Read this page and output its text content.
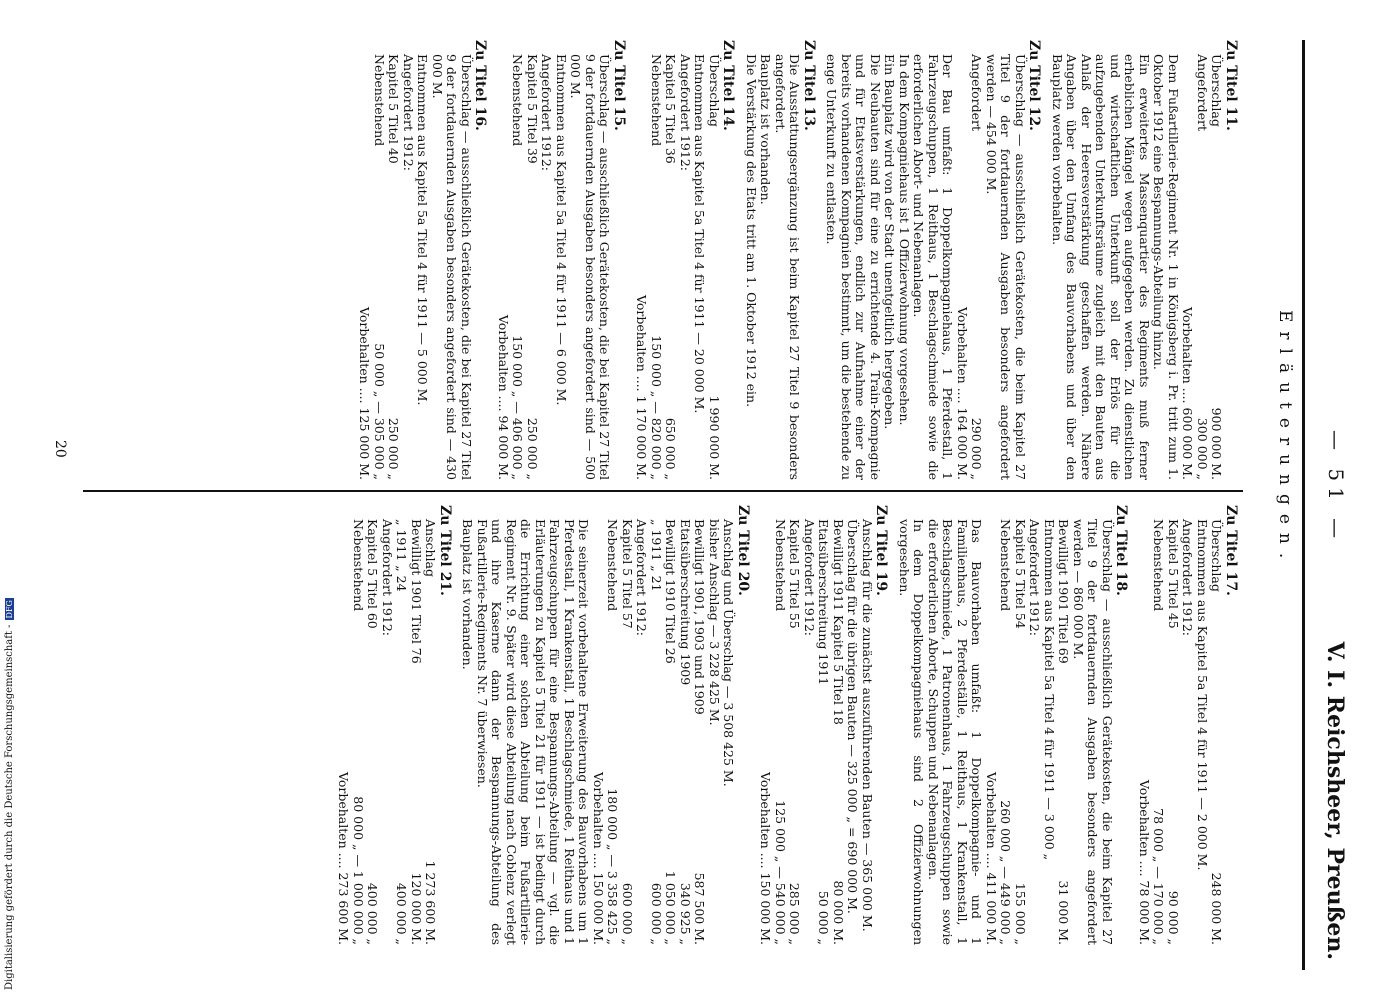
— 51 —
V. I. Reichsheer, Preußen.
Erläuterungen.
Zu Titel 11.
Überschlag
900 000 M.
Angefordert
300 000 „
Vorbehalten .... 600 000 M.
Dem Fußartillerie-Regiment Nr. 1 in Königsberg i. Pr. tritt zum 1. Oktober 1912 eine Bespannungs-Abteilung hinzu.
Ein erweitertes Massenquartier des Regiments muß ferner erheblichen Mängel wegen aufgegeben werden. Zu dienstlichen und wirtschaftlichen Unterkunft soll der Erlös für die aufzugebenden Unterkunftsräume zugleich mit den Bauten aus Anlaß der Heeresverstärkung geschaffen werden. Nähere Angaben über den Umfang des Bauvorhabens und über den Bauplatz werden vorbehalten.
Zu Titel 12.
Überschlag — ausschließlich Gerätekosten, die beim Kapitel 27 Titel 9 der fortdauernden Ausgaben besonders angefordert werden — 454 000 M.
Angefordert
290 000 „
Vorbehalten .... 164 000 M.
Der Bau umfaßt: 1 Doppelkompagniehaus, 1 Pferdestall, 1 Fahrzeugschuppen, 1 Reithaus, 1 Beschlagschmiede sowie die erforderlichen Abort- und Nebenanlagen.
In dem Kompagniehaus ist 1 Offizierwohnung vorgesehen.
Ein Bauplatz wird von der Stadt unentgeltlich hergegeben.
Die Neubauten sind für eine zu errichtende 4. Train-Kompagnie und für Etatsverstärkungen, endlich zur Aufnahme einer der bereits vorhandenen Kompagnien bestimmt, um die bestehende zu enge Unterkunft zu entlasten.
Zu Titel 13.
Die Ausstattungsergänzung ist beim Kapitel 27 Titel 9 besonders angefordert.
Bauplatz ist vorhanden.
Die Verstärkung des Etats tritt am 1. Oktober 1912 ein.
Zu Titel 14.
Überschlag
1 990 000 M.
Entnommen aus Kapitel 5a Titel 4 für 1911 — 20 000 M.
Angefordert 1912:
Kapitel 5 Titel 36
650 000 „
Nebenstehend
150 000 „ — 820 000 „
Vorbehalten .... 1 170 000 M.
Zu Titel 15.
Überschlag — ausschließlich Gerätekosten, die bei Kapitel 27 Titel 9 der fortdauernden Ausgaben besonders angefordert sind — 500 000 M.
Entnommen aus Kapitel 5a Titel 4 für 1911 — 6 000 M.
Angefordert 1912:
Kapitel 5 Titel 39
250 000 „
Nebenstehend
150 000 „ — 406 000 „
Vorbehalten .... 94 000 M.
Zu Titel 16.
Überschlag — ausschließlich Gerätekosten, die bei Kapitel 27 Titel 9 der fortdauernden Ausgaben besonders angefordert sind — 430 000 M.
Entnommen aus Kapitel 5a Titel 4 für 1911 — 5 000 M.
Angefordert 1912:
Kapitel 5 Titel 40
250 000 „
Nebenstehend
50 000 „ — 305 000 „
Vorbehalten .... 125 000 M.
Zu Titel 17.
Überschlag
248 000 M.
Entnommen aus Kapitel 5a Titel 4 für 1911 — 2 000 M.
Angefordert 1912:
Kapitel 5 Titel 45
90 000 „
Nebenstehend
78 000 „ — 170 000 „
Vorbehalten .... 78 000 M.
Zu Titel 18.
Überschlag — ausschließlich Gerätekosten, die beim Kapitel 27 Titel 9 der fortdauernden Ausgaben besonders angefordert werden — 860 000 M.
Bewilligt 1901 Titel 69
31 000 M.
Entnommen aus Kapitel 5a Titel 4 für 1911 — 3 000 „
Angefordert 1912:
Kapitel 5 Titel 54
155 000 „
Nebenstehend
260 000 „ — 449 000 „
Vorbehalten .... 411 000 M.
Das Bauvorhaben umfaßt: 1 Doppelkompagnie- und 1 Familienhaus, 2 Pferdeställe, 1 Reithaus, 1 Krankenstall, 1 Beschlagschmiede, 1 Patronenhaus, 1 Fahrzeugschuppen sowie die erforderlichen Aborte, Schuppen und Nebenanlagen.
In dem Doppelkompagniehaus sind 2 Offizierwohnungen vorgesehen.
Zu Titel 19.
Anschlag für die zunächst auszuführenden Bauten — 365 000 M.
Überschlag für die übrigen Bauten — 325 000 „ = 690 000 M.
Bewilligt 1911 Kapitel 5 Titel 18
80 000 M.
Etatsüberschreitung 1911
50 000 „
Angefordert 1912:
Kapitel 5 Titel 55
285 000 „
Nebenstehend
125 000 „ — 540 000 „
Vorbehalten .... 150 000 M.
Zu Titel 20.
Anschlag und Überschlag — 3 508 425 M.
bisher Anschlag — 3 228 425 M.
Bewilligt 1901, 1903 und 1909
587 500 M.
Etatsüberschreitung 1909
340 925 „
Bewilligt 1910 Titel 26
1 050 000 „
„ 1911 „ 21
600 000 „
Angefordert 1912:
Kapitel 5 Titel 57
600 000 „
Nebenstehend
180 000 „ — 3 358 425 „
Vorbehalten .... 150 000 M.
Die seinerzeit vorbehaltene Erweiterung des Bauvorhabens um 1 Pferdestall, 1 Krankenstall, 1 Beschlagschmiede, 1 Reithaus und 1 Fahrzeugschuppen für eine Bespannungs-Abteilung — vgl. die Erläuterungen zu Kapitel 5 Titel 21 für 1911 — ist bedingt durch die Errichtung einer solchen Abteilung beim Fußartillerie-Regiment Nr. 9. Später wird diese Abteilung nach Coblenz verlegt und ihre Kaserne dann der Bespannungs-Abteilung des Fußartillerie-Regiments Nr. 7 überwiesen.
Bauplatz ist vorhanden.
Zu Titel 21.
Anschlag
1 273 600 M.
Bewilligt 1901 Titel 76
120 000 M.
„ 1911 „ 24
400 000 „
Angefordert 1912:
Kapitel 5 Titel 60
400 000 „
Nebenstehend
80 000 „ — 1 000 000 „
Vorbehalten .... 273 600 M.
20
Digitalisierung gefördert durch die Deutsche Forschungsgemeinschaft -DFG
